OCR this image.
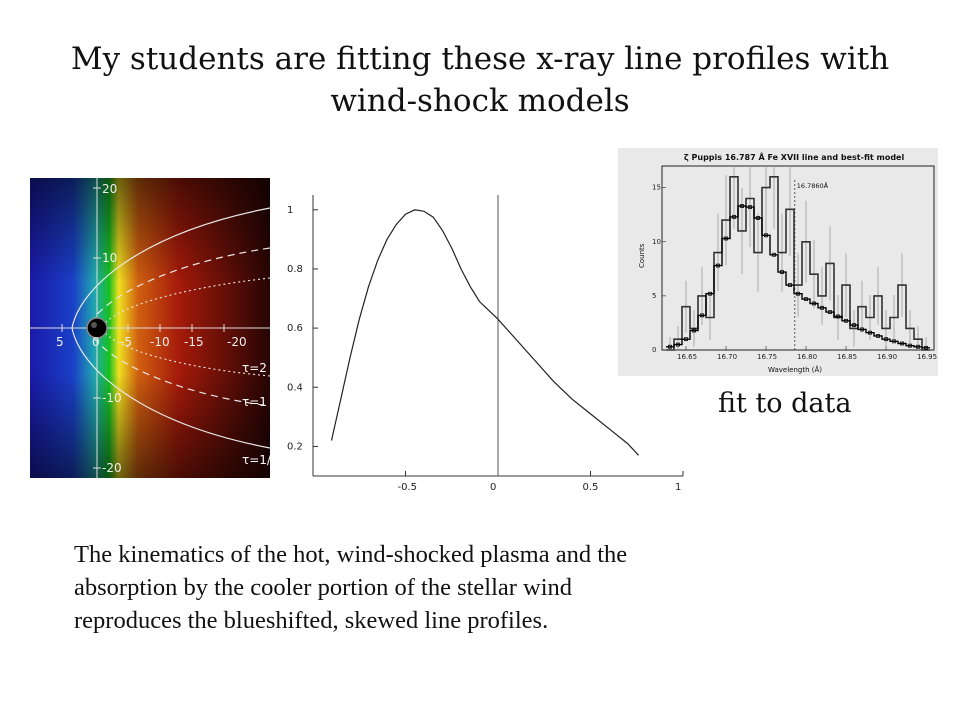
My students are fitting these x-ray line profiles with wind-shock models
5 0 -5 -10 -15 -20
20
10
-10
-20
τ=2
τ=1
τ=1/2
-0.5	0	0.5	1
0.2
0.4
0.6
0.8
1
ζ Puppis 16.787 Å Fe XVII line and best-fit model
16.65	16.70	16.75	16.80	16.85	16.90	16.95
0
5
10
15	16.7860Å
Wavelength (Å)
Counts
fit to data
The kinematics of the hot, wind-shocked plasma and the absorption by the cooler portion of the stellar wind reproduces the blueshifted, skewed line profiles.
